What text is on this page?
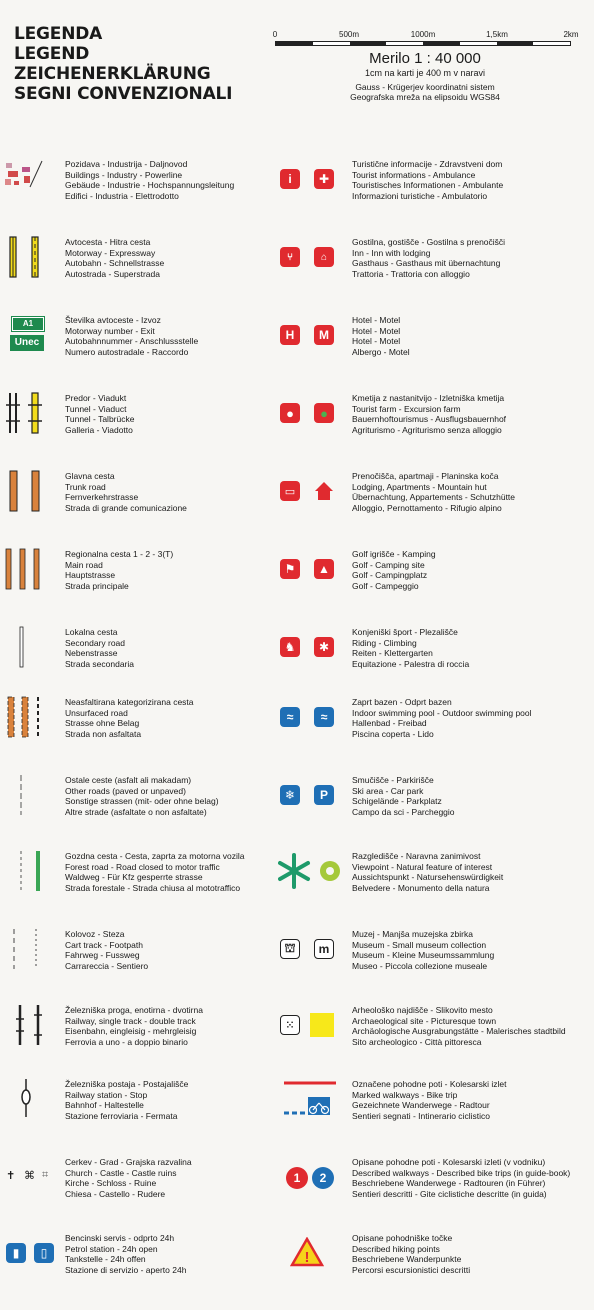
LEGENDA
LEGEND
ZEICHENERKLÄRUNG
SEGNI CONVENZIONALI
0	500m	1000m	1,5km	2km
Merilo 1 : 40 000
1cm na karti je 400 m v naravi
Gauss - Krügerjev koordinatni sistem
Geografska mreža na elipsoidu WGS84
Pozidava - Industrija - Daljnovod
Buildings - Industry - Powerline
Gebäude - Industrie - Hochspannungsleitung
Edifici - Industria - Elettrodotto
i	✚
Turistične informacije - Zdravstveni dom
Tourist informations - Ambulance
Touristisches Informationen - Ambulante
Informazioni turistiche - Ambulatorio
Avtocesta - Hitra cesta
Motorway - Expressway
Autobahn - Schnellstrasse
Autostrada - Superstrada
⑂	⌂
Gostilna, gostišče - Gostilna s prenočišči
Inn - Inn with lodging
Gasthaus - Gasthaus mit übernachtung
Trattoria - Trattoria con alloggio
A1
Unec
Številka avtoceste - Izvoz
Motorway number - Exit
Autobahnnummer - Anschlussstelle
Numero autostradale - Raccordo
H	M
Hotel - Motel
Hotel - Motel
Hotel - Motel
Albergo - Motel
Predor - Viadukt
Tunnel - Viaduct
Tunnel - Talbrücke
Galleria - Viadotto
●	●
Kmetija z nastanitvijo - Izletniška kmetija
Tourist farm - Excursion farm
Bauernhoftourismus - Ausflugsbauernhof
Agriturismo - Agriturismo senza alloggio
Glavna cesta
Trunk road
Fernverkehrstrasse
Strada di grande comunicazione
▭
Prenočišča, apartmaji - Planinska koča
Lodging, Apartments - Mountain hut
Übernachtung, Appartements - Schutzhütte
Alloggio, Pernottamento - Rifugio alpino
Regionalna cesta 1 - 2 - 3(T)
Main road
Hauptstrasse
Strada principale
⚑	▲
Golf igrišče - Kamping
Golf - Camping site
Golf - Campingplatz
Golf - Campeggio
Lokalna cesta
Secondary road
Nebenstrasse
Strada secondaria
♞	✱
Konjeniški šport - Plezališče
Riding - Climbing
Reiten - Klettergarten
Equitazione - Palestra di roccia
Neasfaltirana kategorizirana cesta
Unsurfaced road
Strasse ohne Belag
Strada non asfaltata
≈	≈
Zaprt bazen - Odprt bazen
Indoor swimming pool - Outdoor swimming pool
Hallenbad - Freibad
Piscina coperta - Lido
Ostale ceste (asfalt ali makadam)
Other roads (paved or unpaved)
Sonstige strassen (mit- oder ohne belag)
Altre strade (asfaltate o non asfaltate)
❄	P
Smučišče - Parkirišče
Ski area - Car park
Schigelände - Parkplatz
Campo da sci - Parcheggio
Gozdna cesta - Cesta, zaprta za motorna vozila
Forest road - Road closed to motor traffic
Waldweg - Für Kfz gesperrte strasse
Strada forestale - Strada chiusa al mototraffico
Razgledišče - Naravna zanimivost
Viewpoint - Natural feature of interest
Aussichtspunkt - Natursehenswürdigkeit
Belvedere - Monumento della natura
Kolovoz - Steza
Cart track - Footpath
Fahrweg - Fussweg
Carrareccia - Sentiero
⛫	m
Muzej - Manjša muzejska zbirka
Museum - Small museum collection
Museum - Kleine Museumssammlung
Museo - Piccola collezione museale
Železniška proga, enotirna - dvotirna
Railway, single track - double track
Eisenbahn, eingleisig - mehrgleisig
Ferrovia a uno - a doppio binario
⁙
Arheološko najdišče - Slikovito mesto
Archaeological site - Picturesque town
Archäologische Ausgrabungstätte - Malerisches stadtbild
Sito archeologico - Città pittoresca
Železniška postaja - Postajališče
Railway station - Stop
Bahnhof - Haltestelle
Stazione ferroviaria - Fermata
Označene pohodne poti - Kolesarski izlet
Marked walkways - Bike trip
Gezeichnete Wanderwege - Radtour
Sentieri segnati - Intinerario ciclistico
✝ ⌘ ⌗
Cerkev - Grad - Grajska razvalina
Church - Castle - Castle ruins
Kirche - Schloss - Ruine
Chiesa - Castello - Rudere
1	2
Opisane pohodne poti - Kolesarski izleti (v vodniku)
Described walkways - Described bike trips (in guide-book)
Beschriebene Wanderwege - Radtouren (in Führer)
Sentieri descritti - Gite ciclistiche descritte (in guida)
▮	▯
Bencinski servis - odprto 24h
Petrol station - 24h open
Tankstelle - 24h offen
Stazione di servizio - aperto 24h
!
Opisane pohodniške točke
Described hiking points
Beschriebene Wanderpunkte
Percorsi escursionistici descritti
